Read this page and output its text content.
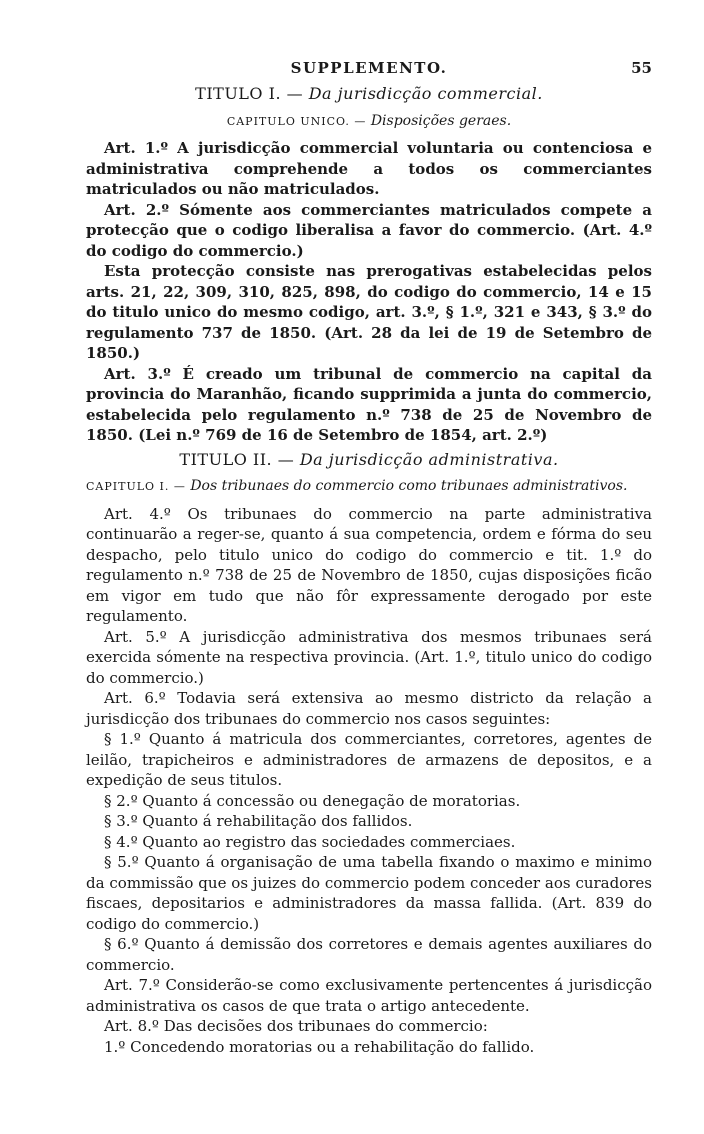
SUPPLEMENTO.	55
TITULO I. — Da jurisdicção commercial.
CAPITULO UNICO. — Disposições geraes.

Art. 1.º A jurisdicção commercial voluntaria ou contenciosa e administrativa comprehende a todos os commerciantes matriculados ou não matriculados.

Art. 2.º Sómente aos commerciantes matriculados compete a protecção que o codigo liberalisa a favor do commercio. (Art. 4.º do codigo do commercio.)

Esta protecção consiste nas prerogativas estabelecidas pelos arts. 21, 22, 309, 310, 825, 898, do codigo do commercio, 14 e 15 do titulo unico do mesmo codigo, art. 3.º, § 1.º, 321 e 343, § 3.º do regulamento 737 de 1850. (Art. 28 da lei de 19 de Setembro de 1850.)

Art. 3.º É creado um tribunal de commercio na capital da provincia do Maranhão, ficando supprimida a junta do commercio, estabelecida pelo regulamento n.º 738 de 25 de Novembro de 1850. (Lei n.º 769 de 16 de Setembro de 1854, art. 2.º)

TITULO II. — Da jurisdicção administrativa.
CAPITULO I. — Dos tribunaes do commercio como tribunaes administrativos.

Art. 4.º Os tribunaes do commercio na parte administrativa continuarão a reger-se, quanto á sua competencia, ordem e fórma do seu despacho, pelo titulo unico do codigo do commercio e tit. 1.º do regulamento n.º 738 de 25 de Novembro de 1850, cujas disposições ficão em vigor em tudo que não fôr expressamente derogado por este regulamento.

Art. 5.º A jurisdicção administrativa dos mesmos tribunaes será exercida sómente na respectiva provincia. (Art. 1.º, titulo unico do codigo do commercio.)

Art. 6.º Todavia será extensiva ao mesmo districto da relação a jurisdicção dos tribunaes do commercio nos casos seguintes:

§ 1.º Quanto á matricula dos commerciantes, corretores, agentes de leilão, trapicheiros e administradores de armazens de depositos, e a expedição de seus titulos.

§ 2.º Quanto á concessão ou denegação de moratorias.

§ 3.º Quanto á rehabilitação dos fallidos.

§ 4.º Quanto ao registro das sociedades commerciaes.

§ 5.º Quanto á organisação de uma tabella fixando o maximo e minimo da commissão que os juizes do commercio podem conceder aos curadores fiscaes, depositarios e administradores da massa fallida. (Art. 839 do codigo do commercio.)

§ 6.º Quanto á demissão dos corretores e demais agentes auxiliares do commercio.

Art. 7.º Considerão-se como exclusivamente pertencentes á jurisdicção administrativa os casos de que trata o artigo antecedente.

Art. 8.º Das decisões dos tribunaes do commercio:

1.º Concedendo moratorias ou a rehabilitação do fallido.
